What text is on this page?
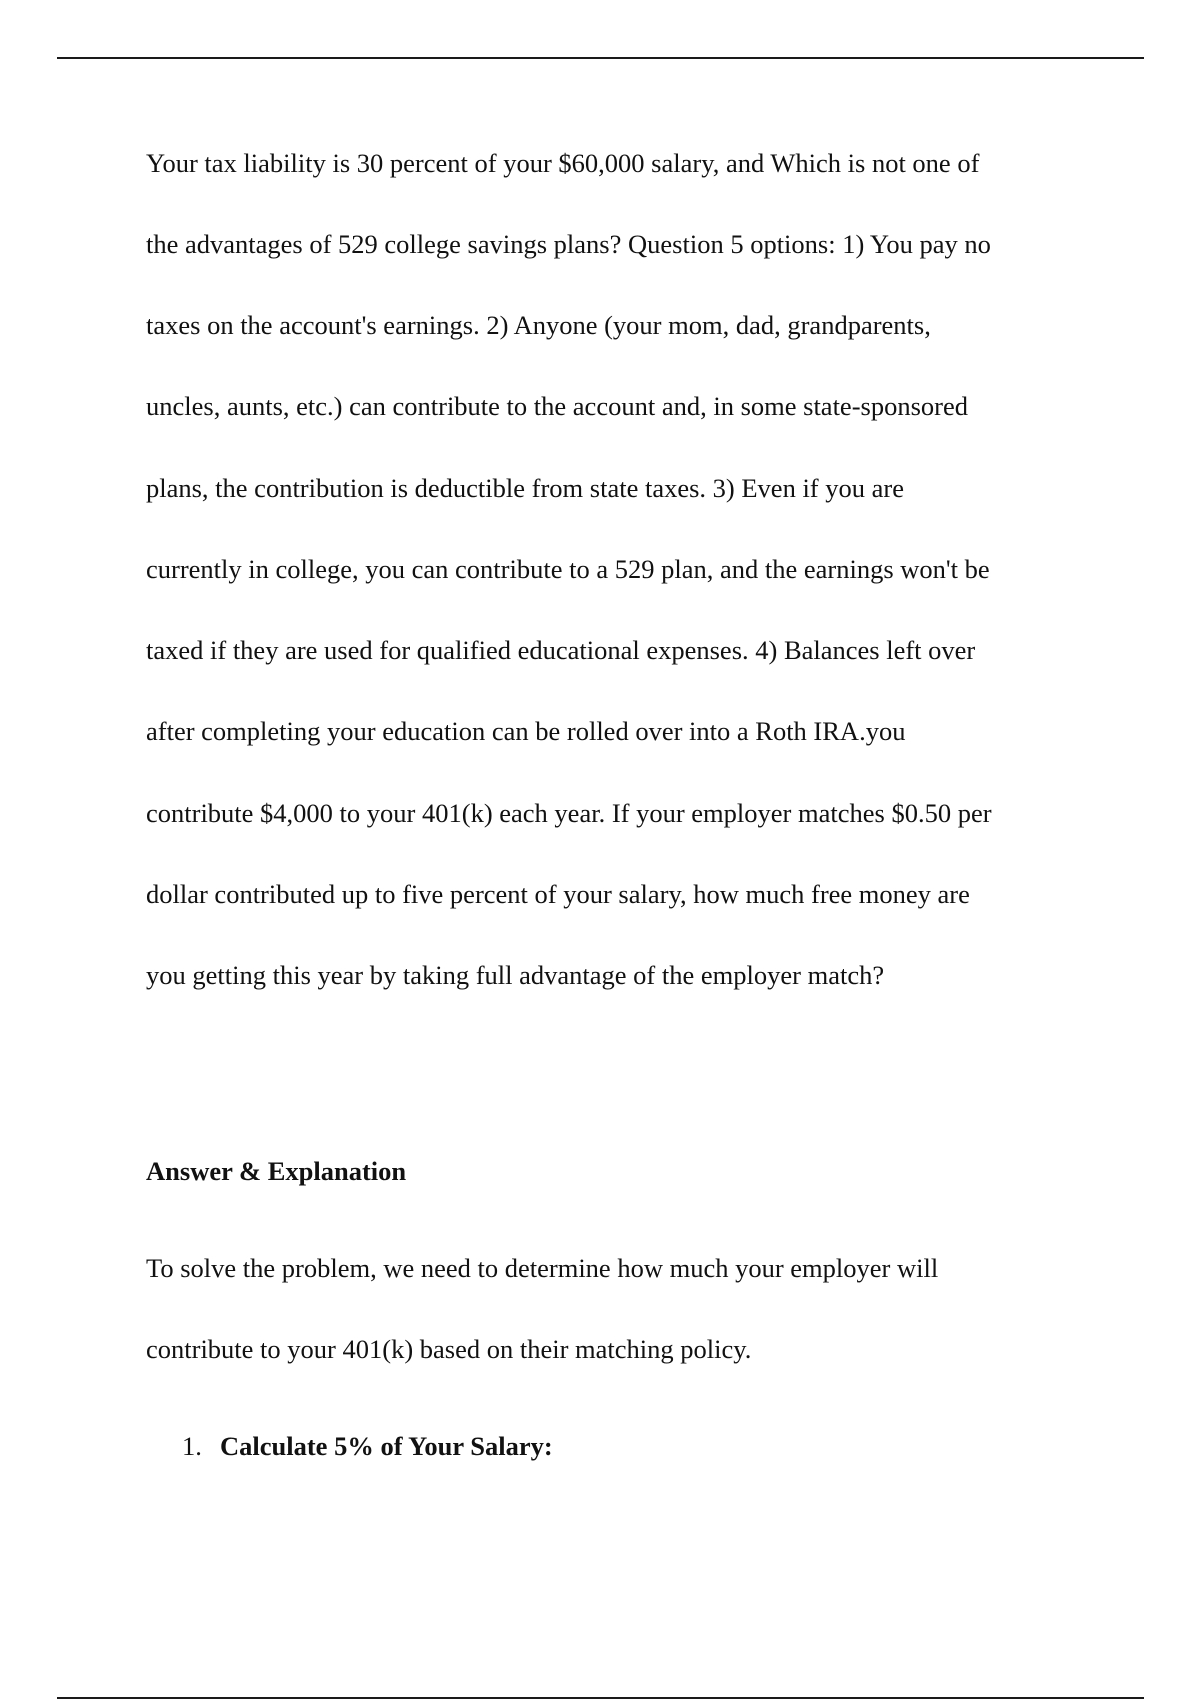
Your tax liability is 30 percent of your $60,000 salary, and Which is not one of
the advantages of 529 college savings plans? Question 5 options: 1) You pay no
taxes on the account's earnings. 2) Anyone (your mom, dad, grandparents,
uncles, aunts, etc.) can contribute to the account and, in some state-sponsored
plans, the contribution is deductible from state taxes. 3) Even if you are
currently in college, you can contribute to a 529 plan, and the earnings won't be
taxed if they are used for qualified educational expenses. 4) Balances left over
after completing your education can be rolled over into a Roth IRA.you
contribute $4,000 to your 401(k) each year. If your employer matches $0.50 per
dollar contributed up to five percent of your salary, how much free money are
you getting this year by taking full advantage of the employer match?
Answer & Explanation
To solve the problem, we need to determine how much your employer will
contribute to your 401(k) based on their matching policy.
1. Calculate 5% of Your Salary:
